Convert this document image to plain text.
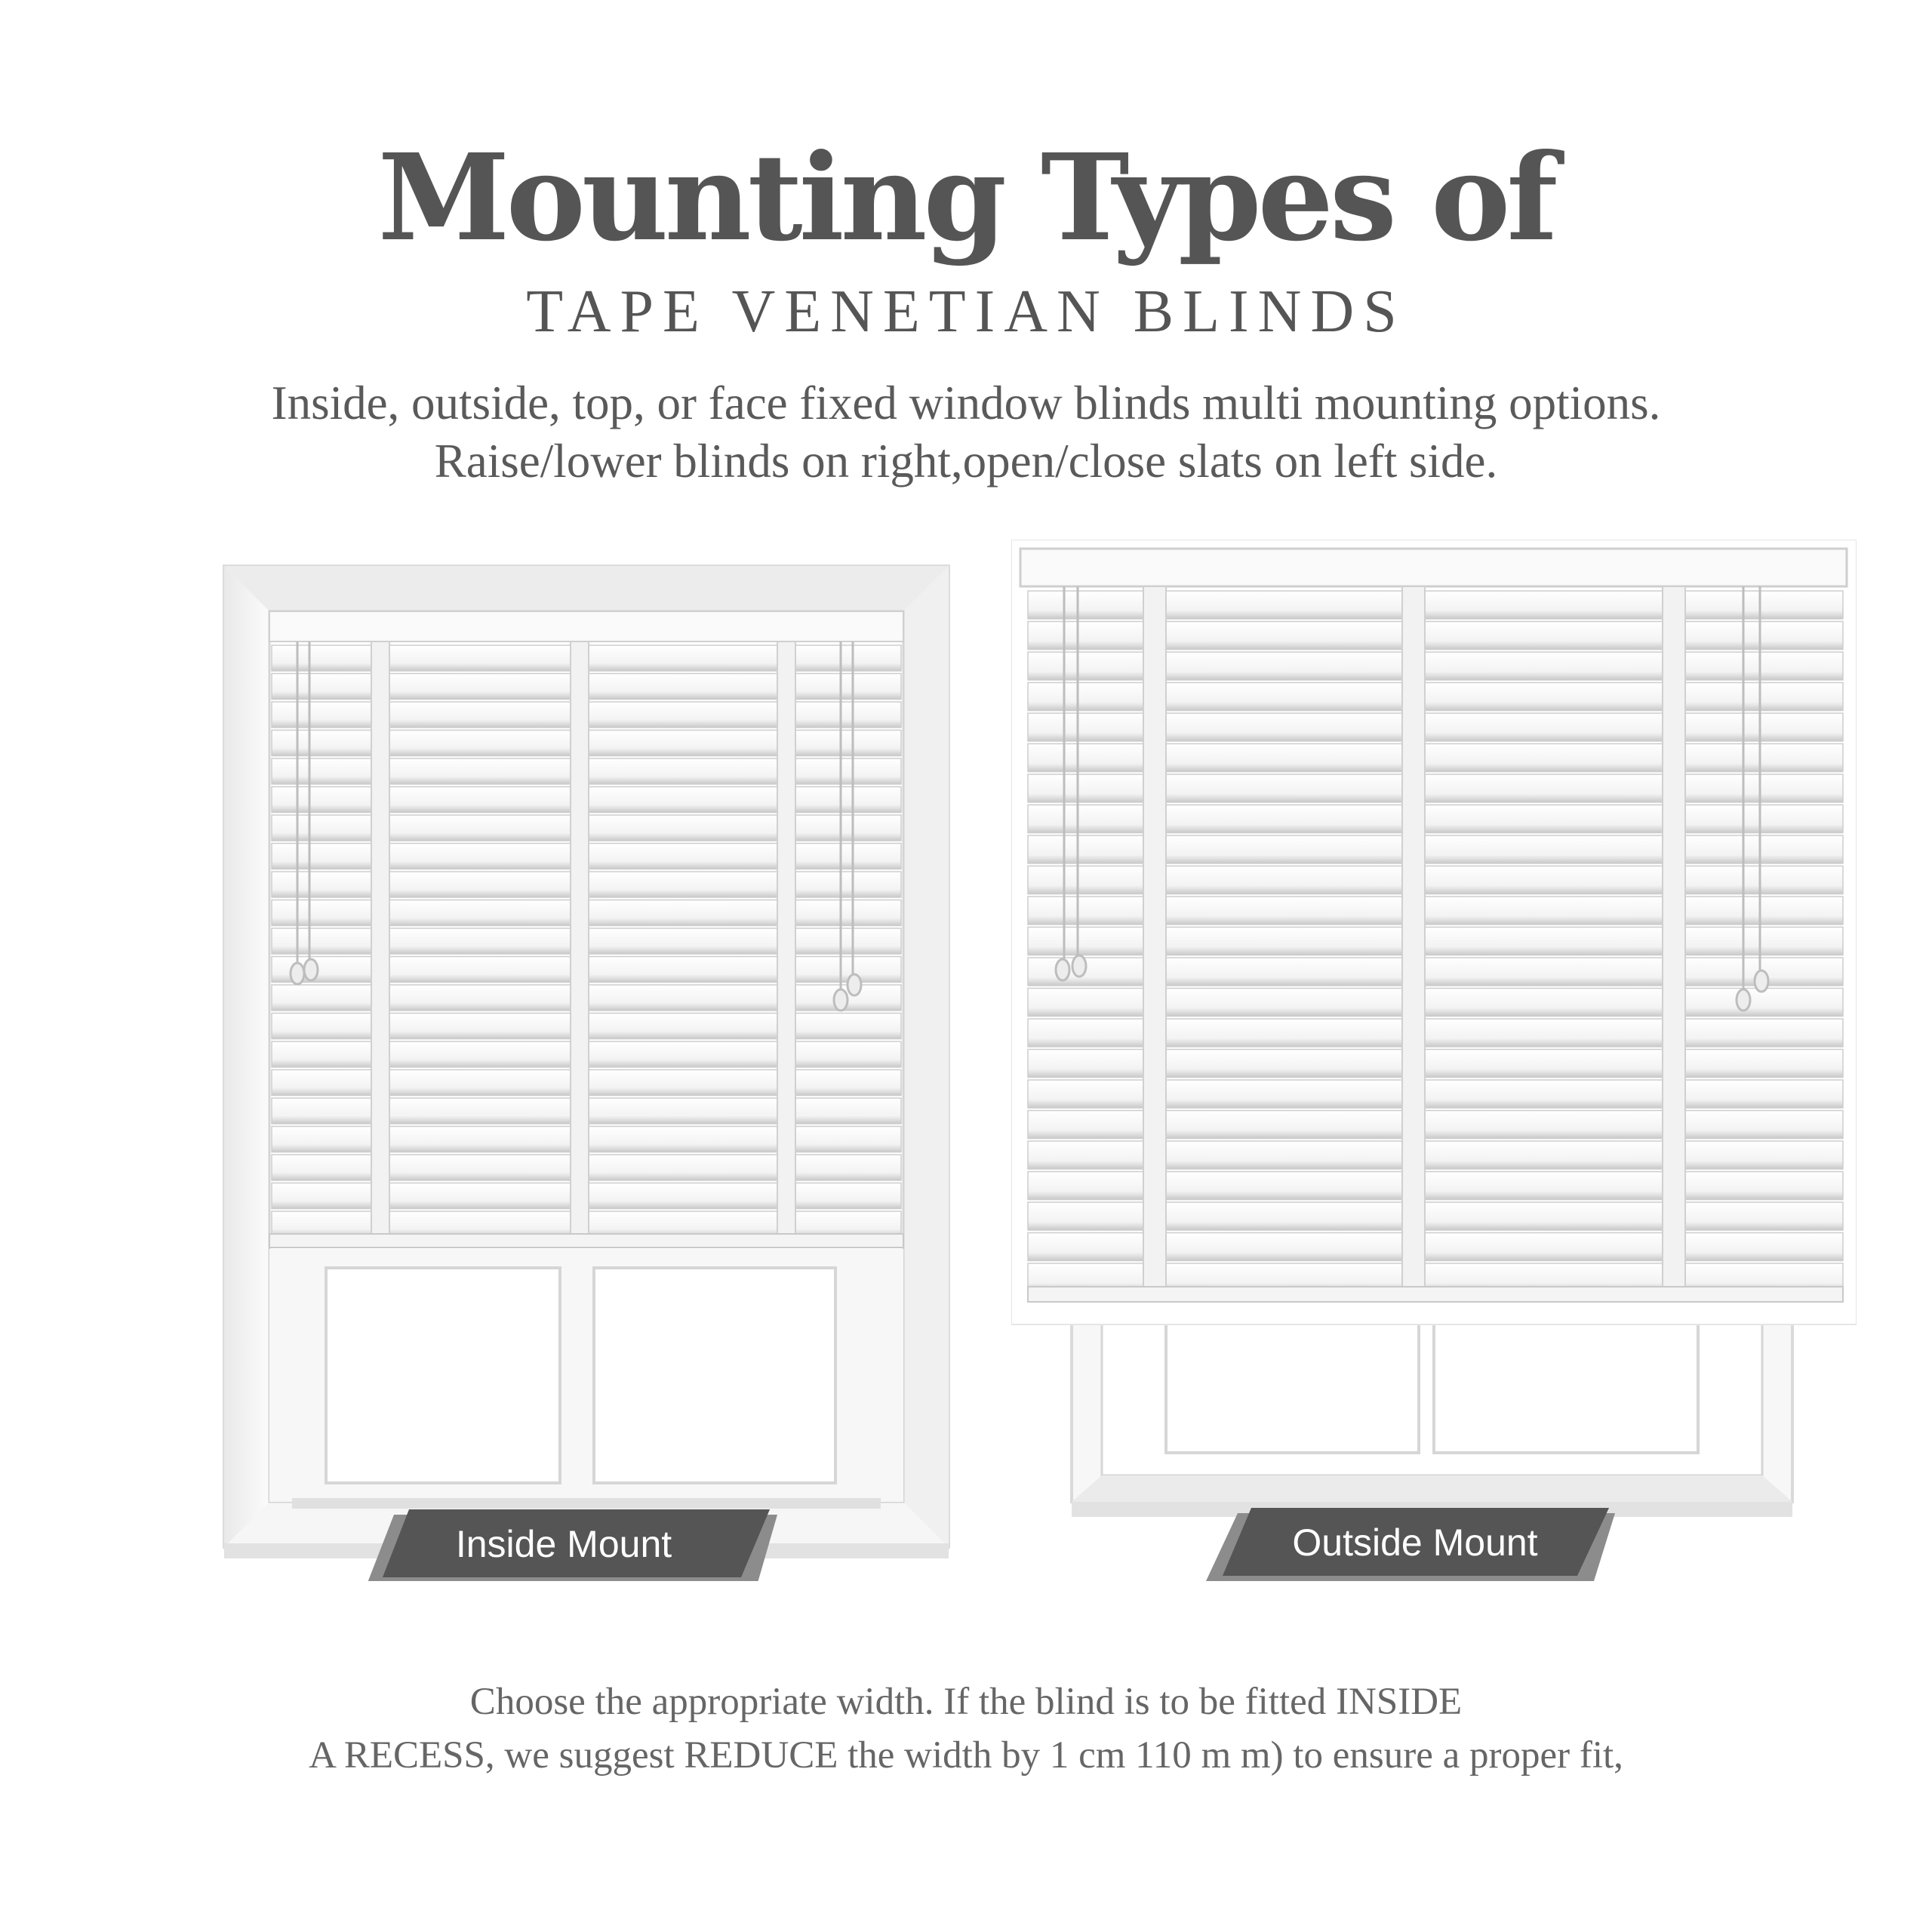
Mounting Types of
TAPE VENETIAN BLINDS
Inside, outside, top, or face fixed window blinds multi mounting options.
Raise/lower blinds on right,open/close slats on left side.
Inside Mount	Outside Mount
Choose the appropriate width. If the blind is to be fitted INSIDE
A RECESS, we suggest REDUCE the width by 1 cm 110 m m) to ensure a proper fit,
